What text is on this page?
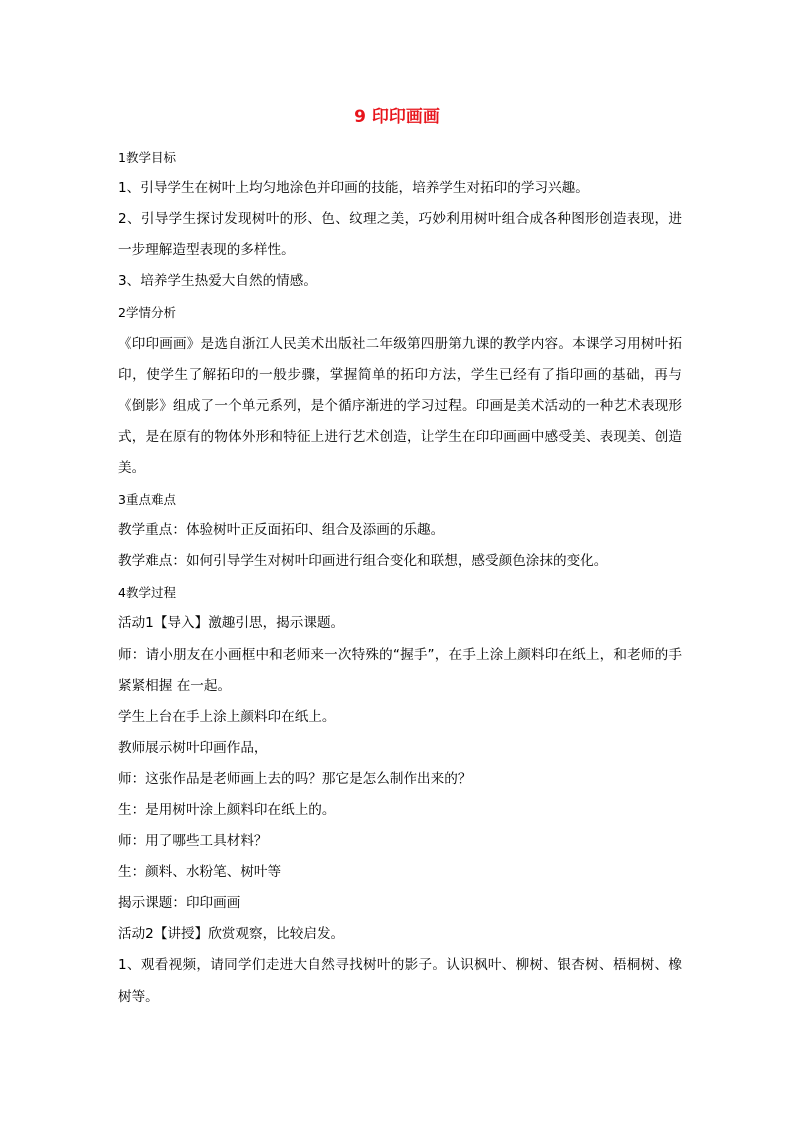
9 印印画画

1教学目标

1、引导学生在树叶上均匀地涂色并印画的技能，培养学生对拓印的学习兴趣。

2、引导学生探讨发现树叶的形、色、纹理之美，巧妙利用树叶组合成各种图形创造表现，进一步理解造型表现的多样性。

3、培养学生热爱大自然的情感。

2学情分析

《印印画画》是选自浙江人民美术出版社二年级第四册第九课的教学内容。本课学习用树叶拓印，使学生了解拓印的一般步骤，掌握简单的拓印方法，学生已经有了指印画的基础，再与《倒影》组成了一个单元系列，是个循序渐进的学习过程。印画是美术活动的一种艺术表现形式，是在原有的物体外形和特征上进行艺术创造，让学生在印印画画中感受美、表现美、创造美。

3重点难点

教学重点：体验树叶正反面拓印、组合及添画的乐趣。

教学难点：如何引导学生对树叶印画进行组合变化和联想，感受颜色涂抹的变化。

4教学过程

活动1【导入】激趣引思，揭示课题。

师：请小朋友在小画框中和老师来一次特殊的“握手”，在手上涂上颜料印在纸上，和老师的手紧紧相握 在一起。

学生上台在手上涂上颜料印在纸上。

教师展示树叶印画作品，

师：这张作品是老师画上去的吗？那它是怎么制作出来的？

生：是用树叶涂上颜料印在纸上的。

师：用了哪些工具材料？

生：颜料、水粉笔、树叶等

揭示课题：印印画画

活动2【讲授】欣赏观察，比较启发。

1、观看视频，请同学们走进大自然寻找树叶的影子。认识枫叶、柳树、银杏树、梧桐树、橡树等。
